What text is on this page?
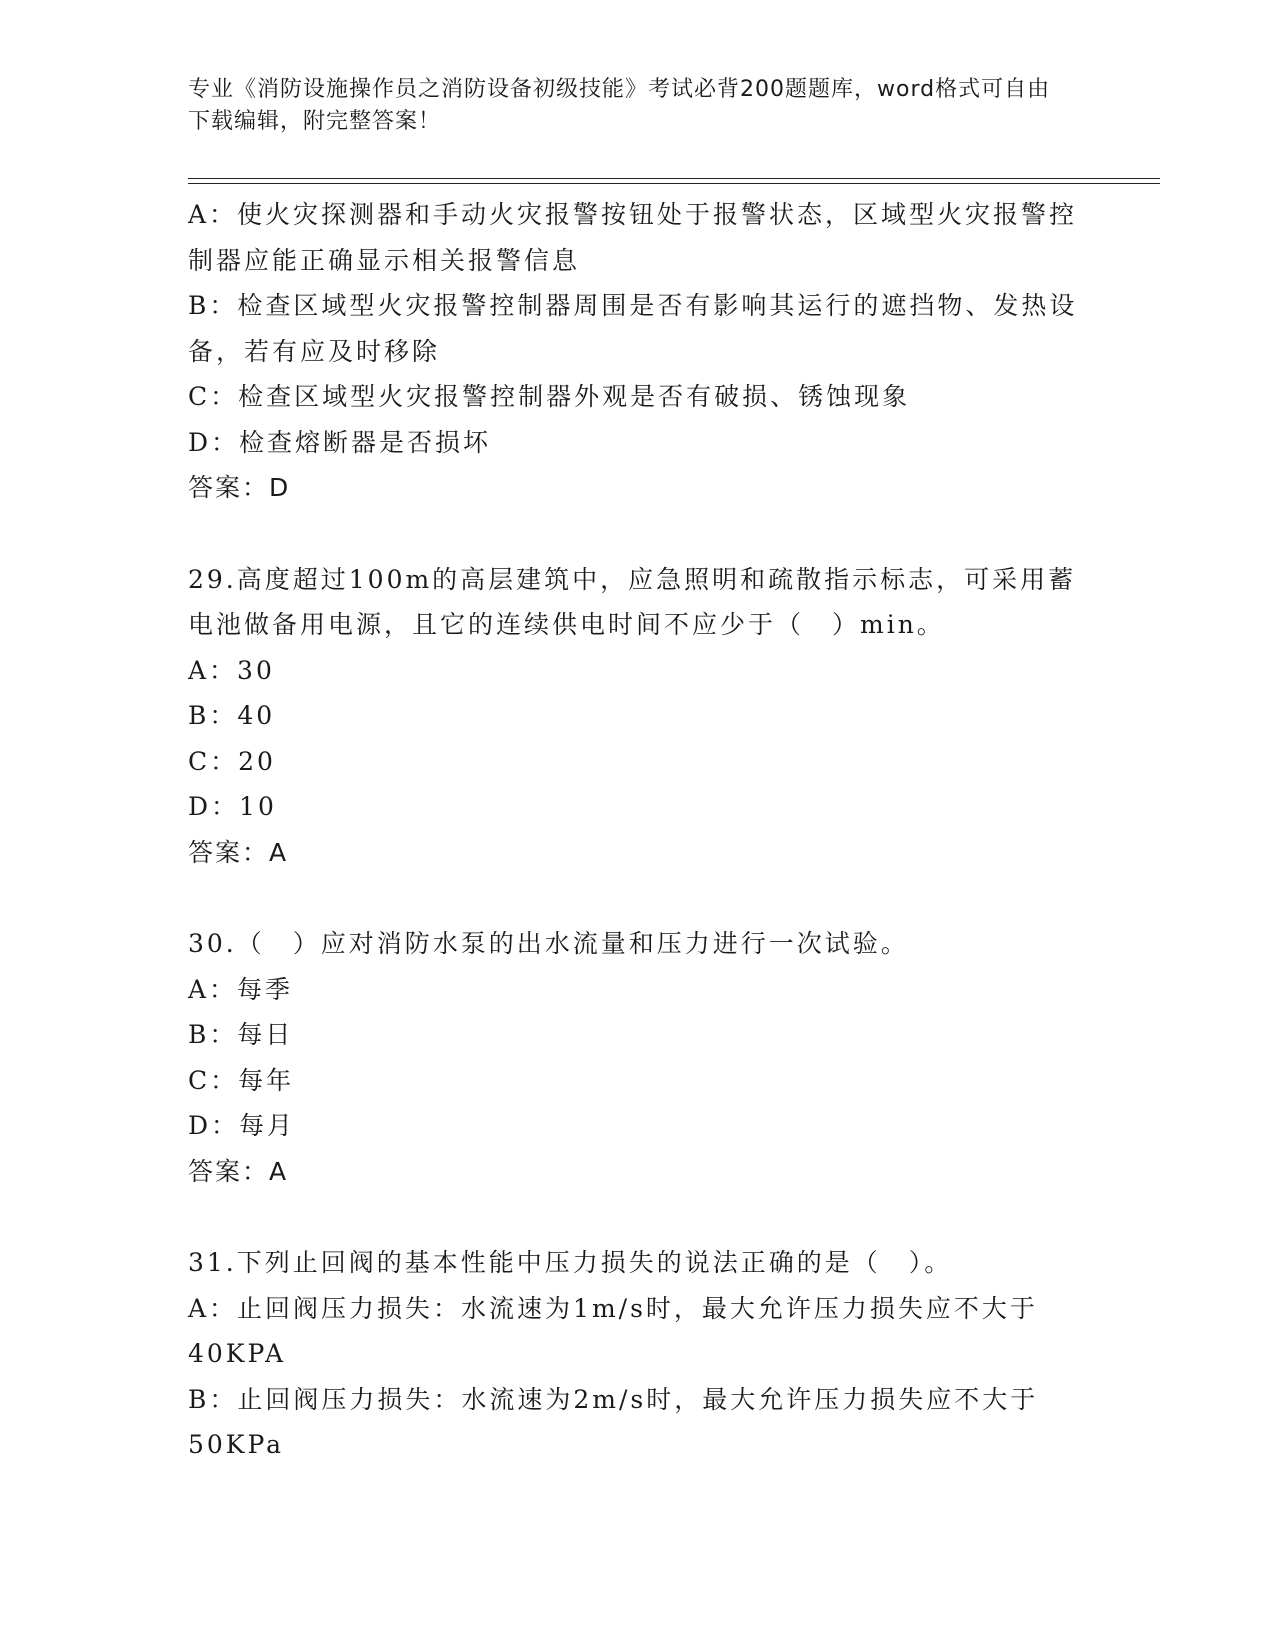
专业《消防设施操作员之消防设备初级技能》考试必背200题题库，word格式可自由下载编辑，附完整答案！

A：使火灾探测器和手动火灾报警按钮处于报警状态，区域型火灾报警控制器应能正确显示相关报警信息

B：检查区域型火灾报警控制器周围是否有影响其运行的遮挡物、发热设备，若有应及时移除

C：检查区域型火灾报警控制器外观是否有破损、锈蚀现象

D：检查熔断器是否损坏

答案：D

29.高度超过100m的高层建筑中，应急照明和疏散指示标志，可采用蓄电池做备用电源，且它的连续供电时间不应少于（　）min。

A：30

B：40

C：20

D：10

答案：A

30.（　）应对消防水泵的出水流量和压力进行一次试验。

A：每季

B：每日

C：每年

D：每月

答案：A

31.下列止回阀的基本性能中压力损失的说法正确的是（　）。

A：止回阀压力损失：水流速为1m/s时，最大允许压力损失应不大于40KPA

B：止回阀压力损失：水流速为2m/s时，最大允许压力损失应不大于50KPa
